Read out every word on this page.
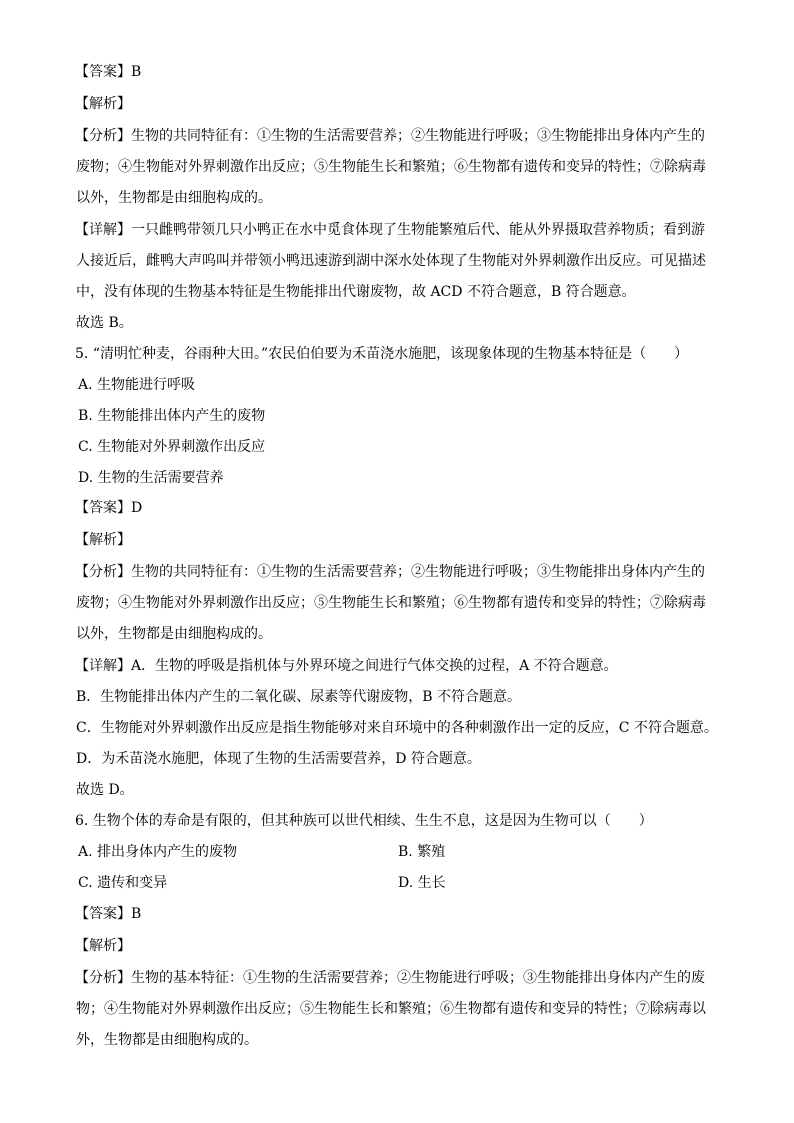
【答案】B
【解析】
【分析】生物的共同特征有：①生物的生活需要营养；②生物能进行呼吸；③生物能排出身体内产生的
废物；④生物能对外界刺激作出反应；⑤生物能生长和繁殖；⑥生物都有遗传和变异的特性；⑦除病毒
以外，生物都是由细胞构成的。
【详解】一只雌鸭带领几只小鸭正在水中觅食体现了生物能繁殖后代、能从外界摄取营养物质；看到游
人接近后，雌鸭大声呜叫并带领小鸭迅速游到湖中深水处体现了生物能对外界刺激作出反应。可见描述
中，没有体现的生物基本特征是生物能排出代谢废物，故 ACD 不符合题意，B 符合题意。
故选 B。
5. “清明忙种麦，谷雨种大田。”农民伯伯要为禾苗浇水施肥，该现象体现的生物基本特征是（　　）
A. 生物能进行呼吸
B. 生物能排出体内产生的废物
C. 生物能对外界刺激作出反应
D. 生物的生活需要营养
【答案】D
【解析】
【分析】生物的共同特征有：①生物的生活需要营养；②生物能进行呼吸；③生物能排出身体内产生的
废物；④生物能对外界刺激作出反应；⑤生物能生长和繁殖；⑥生物都有遗传和变异的特性；⑦除病毒
以外，生物都是由细胞构成的。
【详解】A．生物的呼吸是指机体与外界环境之间进行气体交换的过程，A 不符合题意。
B．生物能排出体内产生的二氧化碳、尿素等代谢废物，B 不符合题意。
C．生物能对外界刺激作出反应是指生物能够对来自环境中的各种刺激作出一定的反应，C 不符合题意。
D．为禾苗浇水施肥，体现了生物的生活需要营养，D 符合题意。
故选 D。
6. 生物个体的寿命是有限的，但其种族可以世代相续、生生不息，这是因为生物可以（　　）
A. 排出身体内产生的废物	B. 繁殖
C. 遗传和变异	D. 生长
【答案】B
【解析】
【分析】生物的基本特征：①生物的生活需要营养；②生物能进行呼吸；③生物能排出身体内产生的废
物；④生物能对外界刺激作出反应；⑤生物能生长和繁殖；⑥生物都有遗传和变异的特性；⑦除病毒以
外，生物都是由细胞构成的。
